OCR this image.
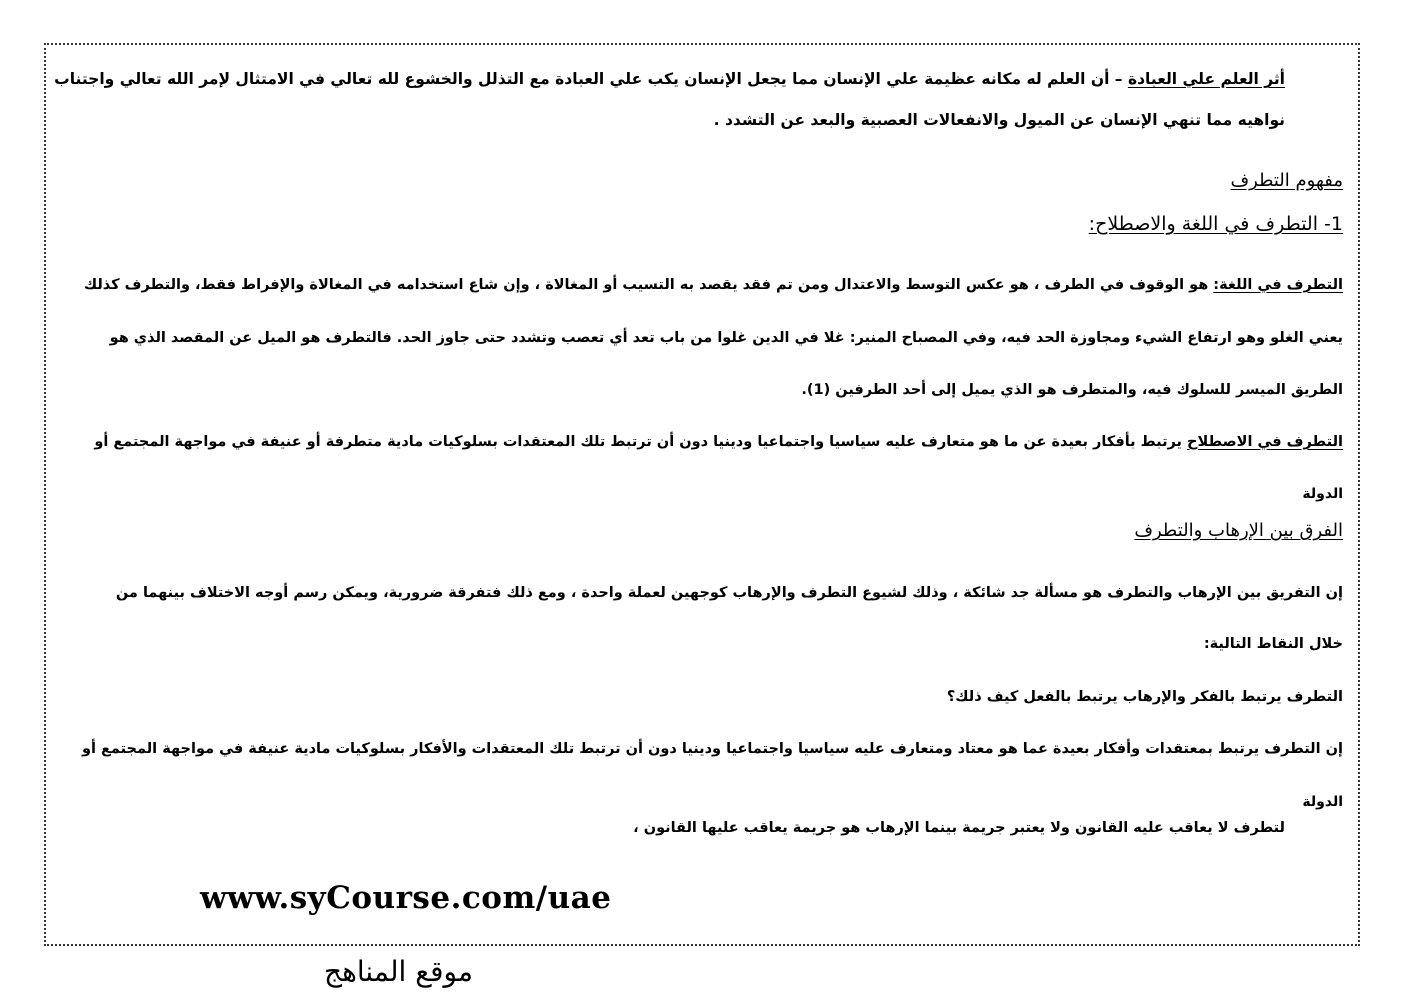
أثر العلم علي العبادة – أن العلم له مكانه عظيمة علي الإنسان مما يجعل الإنسان يكب علي العبادة مع التذلل والخشوع لله تعالي في الامتثال لإمر الله تعالي واجتناب
نواهيه مما تنهي الإنسان عن الميول والانفعالات العصبية والبعد عن التشدد .
مفهوم التطرف
1- التطرف في اللغة والاصطلاح:
التطرف في اللغة: هو الوقوف في الطرف ، هو عكس التوسط والاعتدال ومن تم فقد يقصد به التسيب أو المغالاة ، وإن شاع استخدامه في المغالاة والإفراط فقط، والتطرف كذلك
يعني الغلو وهو ارتفاع الشيء ومجاوزة الحد فيه، وفي المصباح المنير: غلا في الدين غلوا من باب تعد أي تعصب وتشدد حتى جاوز الحد. فالتطرف هو الميل عن المقصد الذي هو
الطريق الميسر للسلوك فيه، والمتطرف هو الذي يميل إلى أحد الطرفين (1).
التطرف في الاصطلاح يرتبط بأفكار بعيدة عن ما هو متعارف عليه سياسيا واجتماعيا ودينيا دون أن ترتبط تلك المعتقدات بسلوكيات مادية متطرفة أو عنيفة في مواجهة المجتمع أو
الدولة
الفرق بين الإرهاب والتطرف
إن التفريق بين الإرهاب والتطرف هو مسألة جد شائكة ، وذلك لشيوع التطرف والإرهاب كوجهين لعملة واحدة ، ومع ذلك فتفرقة ضرورية، ويمكن رسم أوجه الاختلاف بينهما من
خلال النقاط التالية:
التطرف يرتبط بالفكر والإرهاب يرتبط بالفعل كيف ذلك؟
إن التطرف يرتبط بمعتقدات وأفكار بعيدة عما هو معتاد ومتعارف عليه سياسيا واجتماعيا ودينيا دون أن ترتبط تلك المعتقدات والأفكار بسلوكيات مادية عنيفة في مواجهة المجتمع أو
الدولة
لتطرف لا يعاقب عليه القانون ولا يعتبر جريمة بينما الإرهاب هو جريمة يعاقب عليها القانون ،
www.syCourse.com/uae
موقع المناهج
